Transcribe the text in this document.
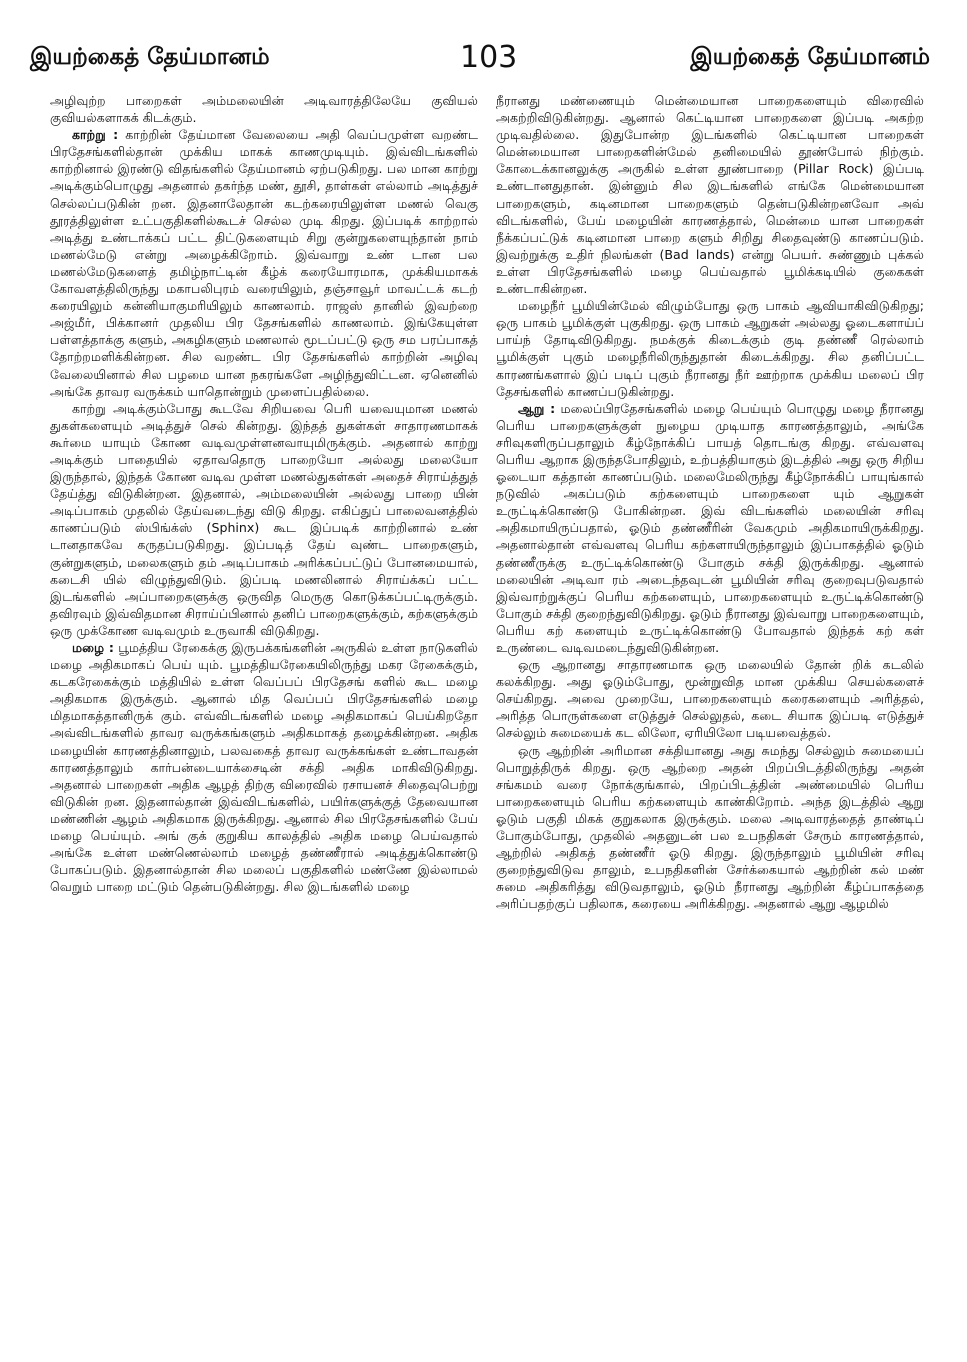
இயற்கைத் தேய்மானம்	103	இயற்கைத் தேய்மானம்

அழிவுற்ற பாறைகள் அம்மலையின் அடிவாரத்திலேயே குவியல் குவியல்களாகக் கிடக்கும்.

காற்று : காற்றின் தேய்மான வேலையை அதி வெப்பமுள்ள வறண்ட பிரதேசங்களில்தான் முக்கிய மாகக் காணமுடியும். இவ்விடங்களில் காற்றினால் இரண்டு விதங்களில் தேய்மானம் ஏற்படுகிறது. பல மான காற்று அடிக்கும்பொழுது அதனால் தகர்ந்த மண், தூசி, தாள்கள் எல்லாம் அடித்துச் செல்லப்படுகின் றன. இதனாலேதான் கடற்கரையிலுள்ள மணல் வெகு தூரத்திலுள்ள உட்பகுதிகளில்கூடச் செல்ல முடி கிறது. இப்படிக் காற்றால் அடித்து உண்டாக்கப் பட்ட திட்டுகளையும் சிறு குன்றுகளையுந்தான் நாம் மணல்மேடு என்று அழைக்கிறோம். இவ்வாறு உண் டான பல மணல்மேடுகளைத் தமிழ்நாட்டின் கீழ்க் கரையோரமாக, முக்கியமாகக் கோவளத்திலிருந்து மகாபலிபுரம் வரையிலும், தஞ்சாவூர் மாவட்டக் கடற் கரையிலும் கன்னியாகுமரியிலும் காணலாம். ராஜஸ் தானில் இவற்றை அஜ்மீர், பிக்கானர் முதலிய பிர தேசங்களில் காணலாம். இங்கேயுள்ள பள்ளத்தாக்கு களும், அகழிகளும் மணலால் மூடப்பட்டு ஒரு சம பரப்பாகத் தோற்றமளிக்கின்றன. சில வறண்ட பிர தேசங்களில் காற்றின் அழிவு வேலையினால் சில பழமை யான நகரங்களே அழிந்துவிட்டன. ஏனெனில் அங்கே தாவர வருக்கம் யாதொன்றும் முளைப்பதில்லை.

காற்று அடிக்கும்போது கூடவே சிறியவை பெரி யவையுமான மணல் துகள்களையும் அடித்துச் செல் கின்றது. இந்தத் துகள்கள் சாதாரணமாகக் கூர்மை யாயும் கோண வடிவமுள்ளனவாயுமிருக்கும். அதனால் காற்று அடிக்கும் பாதையில் ஏதாவதொரு பாறையோ அல்லது மலையோ இருந்தால், இந்தக் கோண வடிவ முள்ள மணல்துகள்கள் அதைச் சிராய்த்துத் தேய்த்து விடுகின்றன. இதனால், அம்மலையின் அல்லது பாறை யின் அடிப்பாகம் முதலில் தேய்வடைந்து விடு கிறது. எகிப்துப் பாலைவனத்தில் காணப்படும் ஸ்பிங்க்ஸ் (Sphinx) கூட இப்படிக் காற்றினால் உண் டானதாகவே கருதப்படுகிறது. இப்படித் தேய் வுண்ட பாறைகளும், குன்றுகளும், மலைகளும் தம் அடிப்பாகம் அரிக்கப்பட்டுப் போனமையால், கடைசி யில் விழுந்துவிடும். இப்படி மணலினால் சிராய்க்கப் பட்ட இடங்களில் அப்பாறைகளுக்கு ஒருவித மெருகு கொடுக்கப்பட்டிருக்கும். தவிரவும் இவ்விதமான சிராய்ப்பினால் தனிப் பாறைகளுக்கும், கற்களுக்கும் ஒரு முக்கோண வடிவமும் உருவாகி விடுகிறது.

மழை : பூமத்திய ரேகைக்கு இருபக்கங்களின் அருகில் உள்ள நாடுகளில் மழை அதிகமாகப் பெய் யும். பூமத்தியரேகையிலிருந்து மகர ரேகைக்கும், கடகரேகைக்கும் மத்தியில் உள்ள வெப்பப் பிரதேசங் களில் கூட மழை அதிகமாக இருக்கும். ஆனால் மித வெப்பப் பிரதேசங்களில் மழை மிதமாகத்தானிருக் கும். எவ்விடங்களில் மழை அதிகமாகப் பெய்கிறதோ அவ்விடங்களில் தாவர வருக்கங்களும் அதிகமாகத் தழைக்கின்றன. அதிக மழையின் காரணத்தினாலும், பலவகைத் தாவர வருக்கங்கள் உண்டாவதன் காரணத்தாலும் கார்பன்டையாக்சைடின் சக்தி அதிக மாகிவிடுகிறது. அதனால் பாறைகள் அதிக ஆழத் திற்கு விரைவில் ரசாயனச் சிதைவுபெற்று விடுகின் றன. இதனால்தான் இவ்விடங்களில், பயிர்களுக்குத் தேவையான மண்ணின் ஆழம் அதிகமாக இருக்கிறது. ஆனால் சில பிரதேசங்களில் பேய் மழை பெய்யும். அங் குக் குறுகிய காலத்தில் அதிக மழை பெய்வதால் அங்கே உள்ள மண்ணெல்லாம் மழைத் தண்ணீரால் அடித்துக்கொண்டு போகப்படும். இதனால்தான் சில மலைப் பகுதிகளில் மண்ணே இல்லாமல் வெறும் பாறை மட்டும் தென்படுகின்றது. சில இடங்களில் மழை

நீரானது மண்ணையும் மென்மையான பாறைகளையும் விரைவில் அகற்றிவிடுகின்றது. ஆனால் கெட்டியான பாறைகளை இப்படி அகற்ற முடிவதில்லை. இதுபோன்ற இடங்களில் கெட்டியான பாறைகள் மென்மையான பாறைகளின்மேல் தனிமையில் தூண்போல் நிற்கும். கோடைக்கானலுக்கு அருகில் உள்ள தூண்பாறை (Pillar Rock) இப்படி உண்டானதுதான். இன்னும் சில இடங்களில் எங்கே மென்மையான பாறைகளும், கடினமான பாறைகளும் தென்படுகின்றனவோ அவ் விடங்களில், பேய் மழையின் காரணத்தால், மென்மை யான பாறைகள் நீக்கப்பட்டுக் கடினமான பாறை களும் சிறிது சிதைவுண்டு காணப்படும். இவற்றுக்கு உதிர் நிலங்கள் (Bad lands) என்று பெயர். சுண்ணும் புக்கல் உள்ள பிரதேசங்களில் மழை பெய்வதால் பூமிக்கடியில் குகைகள் உண்டாகின்றன.

மழைநீர் பூமியின்மேல் விழும்போது ஒரு பாகம் ஆவியாகிவிடுகிறது; ஒரு பாகம் பூமிக்குள் புகுகிறது. ஒரு பாகம் ஆறுகள் அல்லது ஓடைகளாய்ப் பாய்ந் தோடிவிடுகிறது. நமக்குக் கிடைக்கும் குடி தண்ணீ ரெல்லாம் பூமிக்குள் புகும் மழைநீரிலிருந்துதான் கிடைக்கிறது. சில தனிப்பட்ட காரணங்களால் இப் படிப் புகும் நீரானது நீர் ஊற்றாக முக்கிய மலைப் பிர தேசங்களில் காணப்படுகின்றது.

ஆறு : மலைப்பிரதேசங்களில் மழை பெய்யும் பொழுது மழை நீரானது பெரிய பாறைகளுக்குள் நுழைய முடியாத காரணத்தாலும், அங்கே சரிவுகளிருப்பதாலும் கீழ்நோக்கிப் பாயத் தொடங்கு கிறது. எவ்வளவு பெரிய ஆறாக இருந்தபோதிலும், உற்பத்தியாகும் இடத்தில் அது ஒரு சிறிய ஓடையா கத்தான் காணப்படும். மலைமேலிருந்து கீழ்நோக்கிப் பாயுங்கால் நடுவில் அகப்படும் கற்களையும் பாறைகளை யும் ஆறுகள் உருட்டிக்கொண்டு போகின்றன. இவ் விடங்களில் மலையின் சரிவு அதிகமாயிருப்பதால், ஓடும் தண்ணீரின் வேகமும் அதிகமாயிருக்கிறது. அதனால்தான் எவ்வளவு பெரிய கற்களாயிருந்தாலும் இப்பாகத்தில் ஓடும் தண்ணீருக்கு உருட்டிக்கொண்டு போகும் சக்தி இருக்கிறது. ஆனால் மலையின் அடிவா ரம் அடைந்தவுடன் பூமியின் சரிவு குறைவுபடுவதால் இவ்வாற்றுக்குப் பெரிய கற்களையும், பாறைகளையும் உருட்டிக்கொண்டு போகும் சக்தி குறைந்துவிடுகிறது. ஓடும் நீரானது இவ்வாறு பாறைகளையும், பெரிய கற் களையும் உருட்டிக்கொண்டு போவதால் இந்தக் கற் கள் உருண்டை வடிவமடைந்துவிடுகின்றன.

ஒரு ஆறானது சாதாரணமாக ஒரு மலையில் தோன் றிக் கடலில் கலக்கிறது. அது ஓடும்போது, மூன்றுவித மான முக்கிய செயல்களைச் செய்கிறது. அவை முறையே, பாறைகளையும் கரைகளையும் அரித்தல், அரித்த பொருள்களை எடுத்துச் செல்லுதல், கடை சியாக இப்படி எடுத்துச் செல்லும் சுமையைக் கட லிலோ, ஏரியிலோ படியவைத்தல்.

ஒரு ஆற்றின் அரிமான சக்தியானது அது சுமந்து செல்லும் சுமையைப் பொறுத்திருக் கிறது. ஒரு ஆற்றை அதன் பிறப்பிடத்திலிருந்து அதன் சங்கமம் வரை நோக்குங்கால், பிறப்பிடத்தின் அண்மையில் பெரிய பாறைகளையும் பெரிய கற்களையும் காண்கிறோம். அந்த இடத்தில் ஆறு ஓடும் பகுதி மிகக் குறுகலாக இருக்கும். மலை அடிவாரத்தைத் தாண்டிப் போகும்போது, முதலில் அதனுடன் பல உபநதிகள் சேரும் காரணத்தால், ஆற்றில் அதிகத் தண்ணீர் ஓடு கிறது. இருந்தாலும் பூமியின் சரிவு குறைந்துவிடுவ தாலும், உபநதிகளின் சேர்க்கையால் ஆற்றின் கல் மண் சுமை அதிகரித்து விடுவதாலும், ஓடும் நீரானது ஆற்றின் கீழ்ப்பாகத்தை அரிப்பதற்குப் பதிலாக, கரையை அரிக்கிறது. அதனால் ஆறு ஆழமில்
